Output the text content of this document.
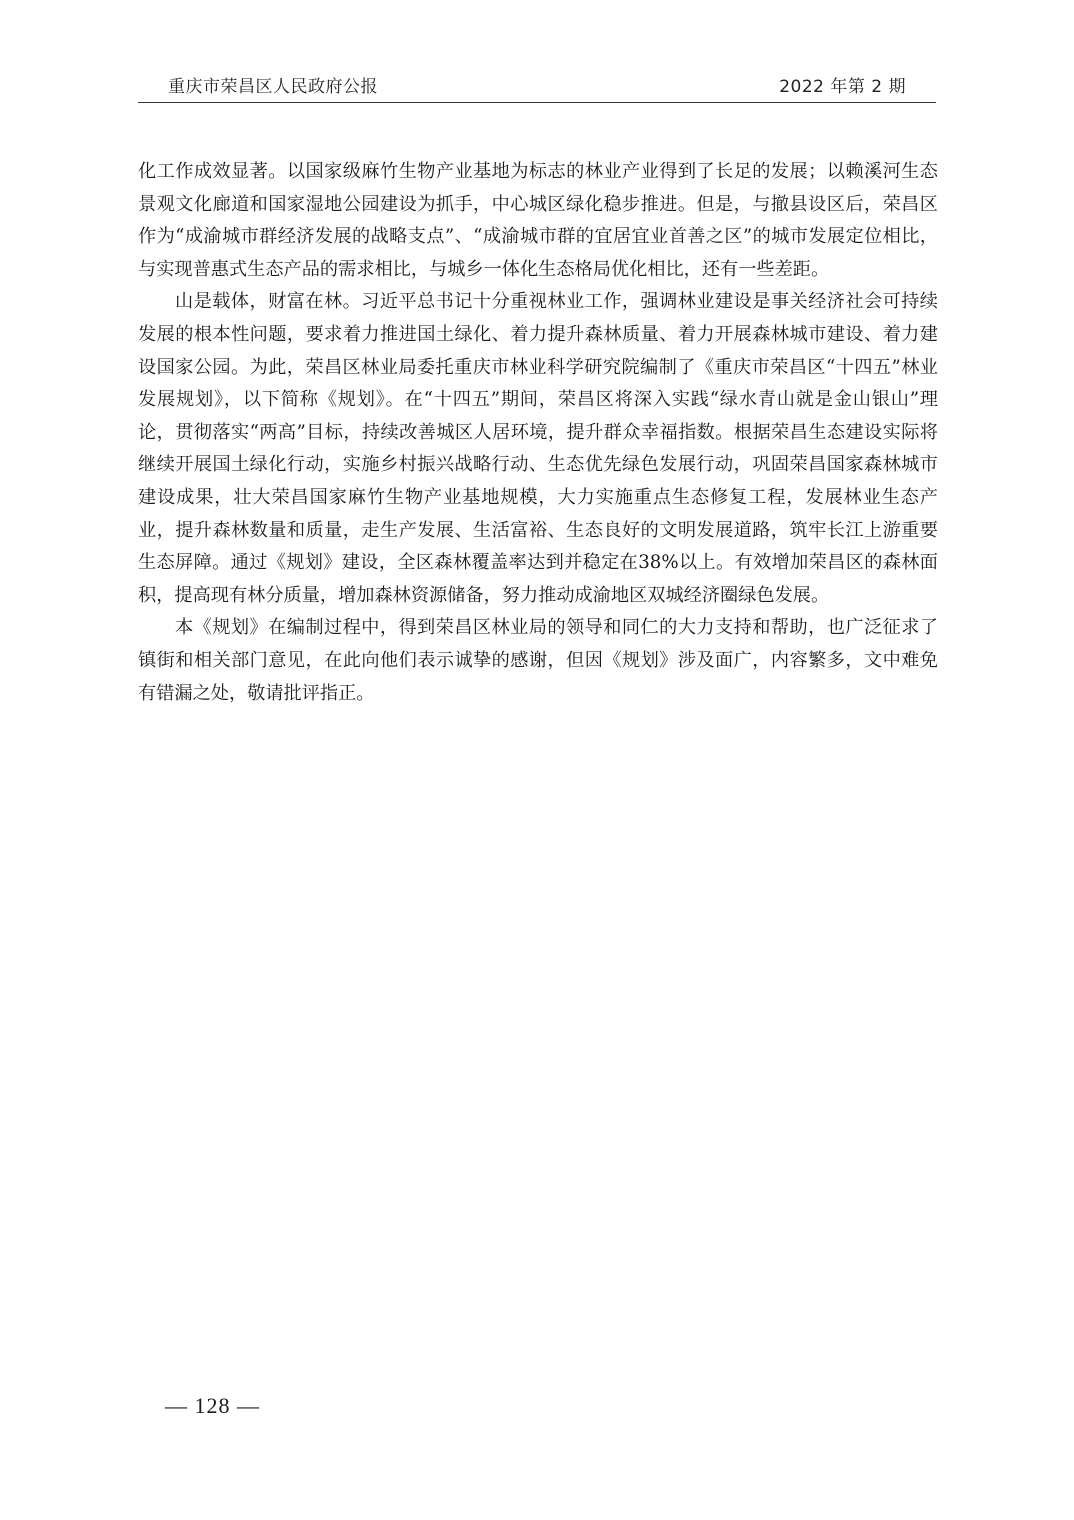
重庆市荣昌区人民政府公报	2022 年第 2 期

化工作成效显著。以国家级麻竹生物产业基地为标志的林业产业得到了长足的发展；以赖溪河生态景观文化廊道和国家湿地公园建设为抓手，中心城区绿化稳步推进。但是，与撤县设区后，荣昌区作为“成渝城市群经济发展的战略支点”、“成渝城市群的宜居宜业首善之区”的城市发展定位相比，与实现普惠式生态产品的需求相比，与城乡一体化生态格局优化相比，还有一些差距。

山是载体，财富在林。习近平总书记十分重视林业工作，强调林业建设是事关经济社会可持续发展的根本性问题，要求着力推进国土绿化、着力提升森林质量、着力开展森林城市建设、着力建设国家公园。为此，荣昌区林业局委托重庆市林业科学研究院编制了《重庆市荣昌区“十四五”林业发展规划》，以下简称《规划》。在“十四五”期间，荣昌区将深入实践“绿水青山就是金山银山”理论，贯彻落实“两高”目标，持续改善城区人居环境，提升群众幸福指数。根据荣昌生态建设实际将继续开展国土绿化行动，实施乡村振兴战略行动、生态优先绿色发展行动，巩固荣昌国家森林城市建设成果，壮大荣昌国家麻竹生物产业基地规模，大力实施重点生态修复工程，发展林业生态产业，提升森林数量和质量，走生产发展、生活富裕、生态良好的文明发展道路，筑牢长江上游重要生态屏障。通过《规划》建设，全区森林覆盖率达到并稳定在38%以上。有效增加荣昌区的森林面积，提高现有林分质量，增加森林资源储备，努力推动成渝地区双城经济圈绿色发展。

本《规划》在编制过程中，得到荣昌区林业局的领导和同仁的大力支持和帮助，也广泛征求了镇街和相关部门意见，在此向他们表示诚挚的感谢，但因《规划》涉及面广，内容繁多，文中难免有错漏之处，敬请批评指正。

— 128 —
